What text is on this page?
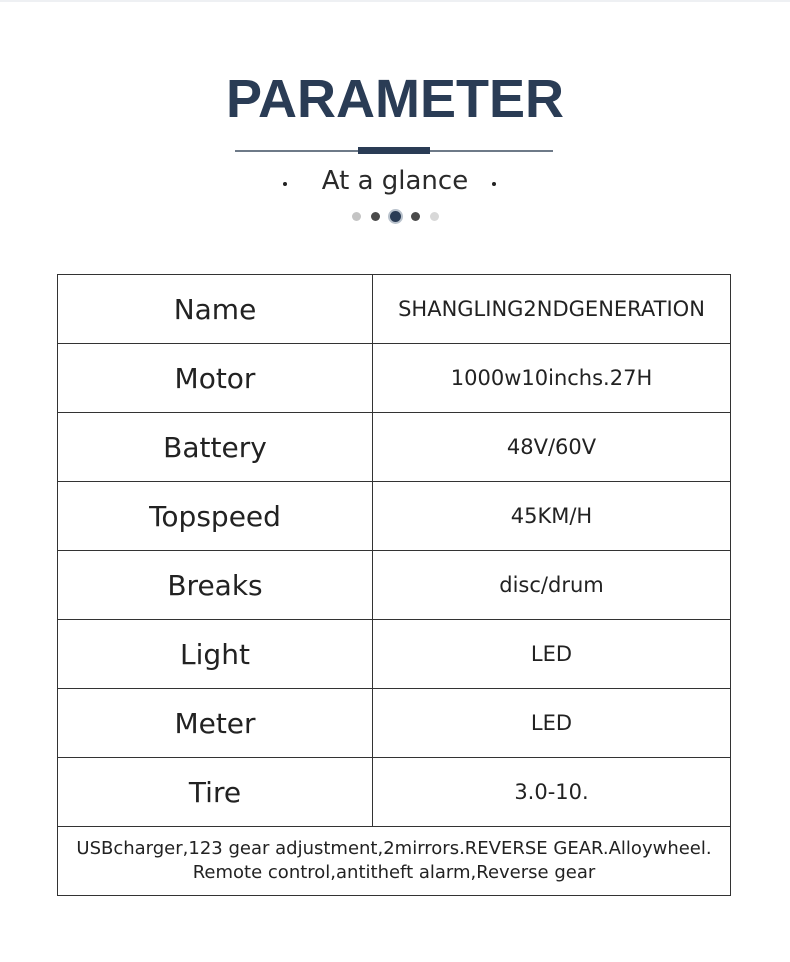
PARAMETER
At a glance
Name	SHANGLING2NDGENERATION
Motor	1000w10inchs.27H
Battery	48V/60V
Topspeed	45KM/H
Breaks	disc/drum
Light	LED
Meter	LED
Tire	3.0-10.

USBcharger,123 gear adjustment,2mirrors.REVERSE GEAR.Alloywheel.
Remote control,antitheft alarm,Reverse gear	
